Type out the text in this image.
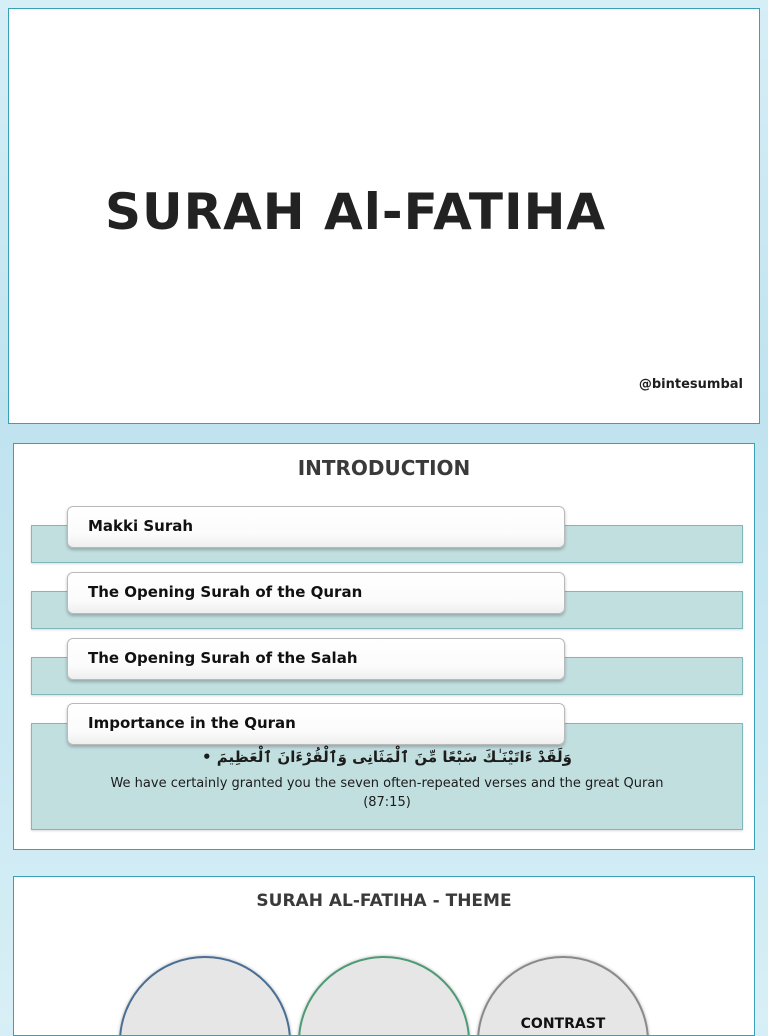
SURAH Al-FATIHA
@bintesumbal
INTRODUCTION
Makki Surah
The Opening Surah of the Quran
The Opening Surah of the Salah
وَلَقَدْ ءَاتَيْنَـٰكَ سَبْعًا مِّنَ ٱلْمَثَانِى وَٱلْقُرْءَانَ ٱلْعَظِيمَ •
We have certainly granted you the seven often-repeated verses and the great Quran (87:15)
Importance in the Quran
SURAH AL-FATIHA - THEME
CONTRAST
